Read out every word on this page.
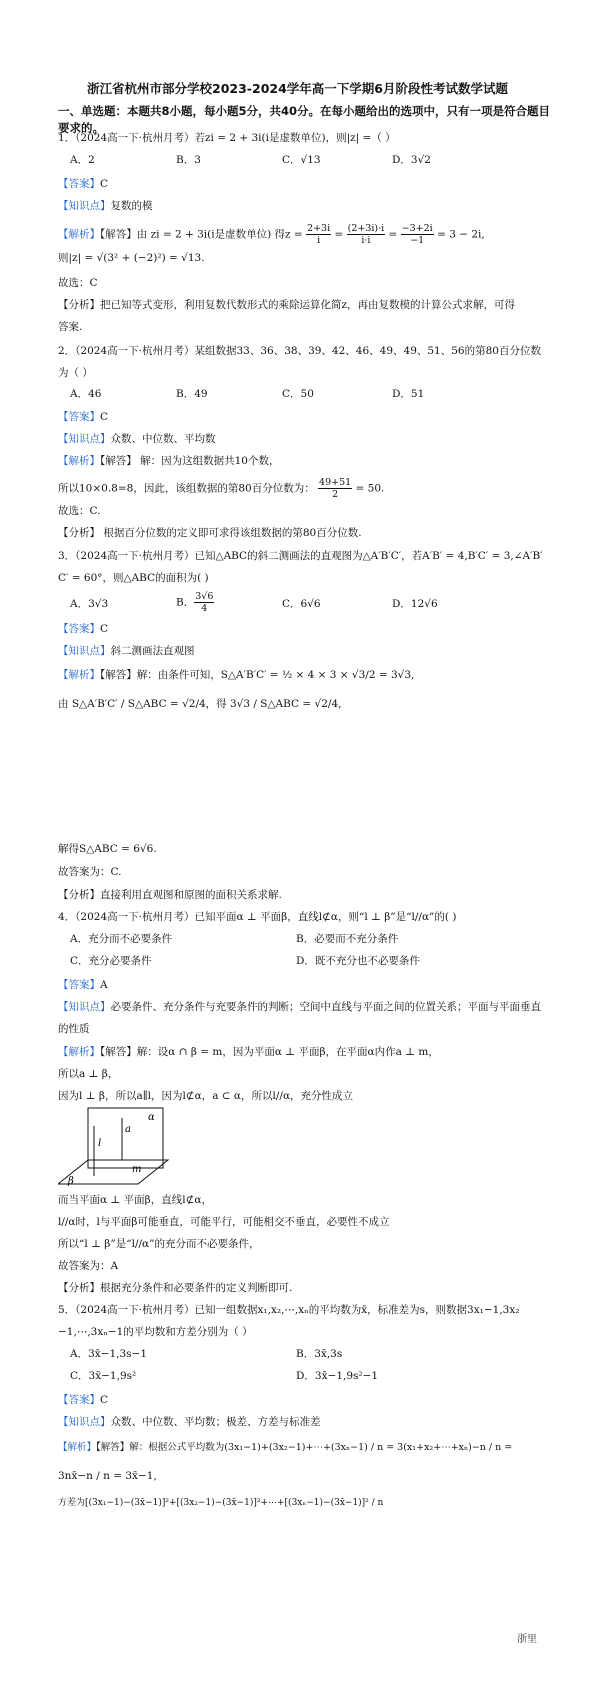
浙江省杭州市部分学校2023-2024学年高一下学期6月阶段性考试数学试题
一、单选题：本题共8小题，每小题5分，共40分。在每小题给出的选项中，只有一项是符合题目要求的。
1．（2024高一下·杭州月考）若zi = 2 + 3i(i是虚数单位)，则|z| =（ ）
A．2	B．3	C．√13	D．3√2
【答案】C
【知识点】复数的模
【解析】【解答】由 zi = 2 + 3i(i是虚数单位) 得$z = \frac{2+3i}{i} = \frac{(2+3i)\cdot i}{i\cdot i} = \frac{-3+2i}{-1} = 3 - 2i$,
则|z| = √(3² + (−2)²) = √13.
故选：C
【分析】把已知等式变形，利用复数代数形式的乘除运算化简z，再由复数模的计算公式求解，可得
答案.
2．（2024高一下·杭州月考）某组数据33、36、38、39、42、46、49、49、51、56的第80百分位数
为（ ）
A．46	B．49	C．50	D．51
【答案】C
【知识点】众数、中位数、平均数
【解析】【解答】 解：因为这组数据共10个数，
所以10×0.8=8，因此，该组数据的第80百分位数为： $\frac{49+51}{2} = 50$.
故选：C.
【分析】 根据百分位数的定义即可求得该组数据的第80百分位数.
3．（2024高一下·杭州月考）已知△ABC的斜二测画法的直观图为△A′B′C′，若A′B′ = 4,B′C′ = 3,∠A′B′
C′ = 60°，则△ABC的面积为( )
A．3√3	B． $\frac{3√6}{4}$	C．6√6	D．12√6
【答案】C
【知识点】斜二测画法直观图
【解析】【解答】解：由条件可知，S△A′B′C′ = ½ × 4 × 3 × √3/2 = 3√3,
由 S△A′B′C′ / S△ABC = √2/4，得 3√3 / S△ABC = √2/4,
解得S△ABC = 6√6.
故答案为：C.
【分析】直接利用直观图和原图的面积关系求解.
4．（2024高一下·杭州月考）已知平面α ⊥ 平面β，直线l⊄α，则“l ⊥ β”是“l//α”的( )
A．充分而不必要条件	B．必要而不充分条件
C．充分必要条件	D．既不充分也不必要条件
【答案】A
【知识点】必要条件、充分条件与充要条件的判断；空间中直线与平面之间的位置关系；平面与平面垂直
的性质
【解析】【解答】解：设α ∩ β = m，因为平面α ⊥ 平面β，在平面α内作a ⊥ m，
所以a ⊥ β，
因为l ⊥ β，所以a∥l，因为l⊄α，a ⊂ α，所以l//α，充分性成立
α
β
l
a
m
而当平面α ⊥ 平面β，直线l⊄α，
l//α时，l与平面β可能垂直，可能平行，可能相交不垂直，必要性不成立
所以“l ⊥ β”是“l//α”的充分而不必要条件，
故答案为：A
【分析】根据充分条件和必要条件的定义判断即可.
5．（2024高一下·杭州月考）已知一组数据x₁,x₂,⋯,xₙ的平均数为x̄，标准差为s，则数据3x₁−1,3x₂
−1,⋯,3xₙ−1的平均数和方差分别为（ ）
A．3x̄−1,3s−1	B．3x̄,3s
C．3x̄−1,9s²	D．3x̄−1,9s²−1
【答案】C
【知识点】众数、中位数、平均数；极差、方差与标准差
【解析】【解答】解：根据公式平均数为(3x₁−1)+(3x₂−1)+⋯+(3xₙ−1) / n = 3(x₁+x₂+⋯+xₙ)−n / n =
3nx̄−n / n = 3x̄−1,
方差为[(3x₁−1)−(3x̄−1)]²+[(3x₂−1)−(3x̄−1)]²+⋯+[(3xₙ−1)−(3x̄−1)]² / n
浙里
